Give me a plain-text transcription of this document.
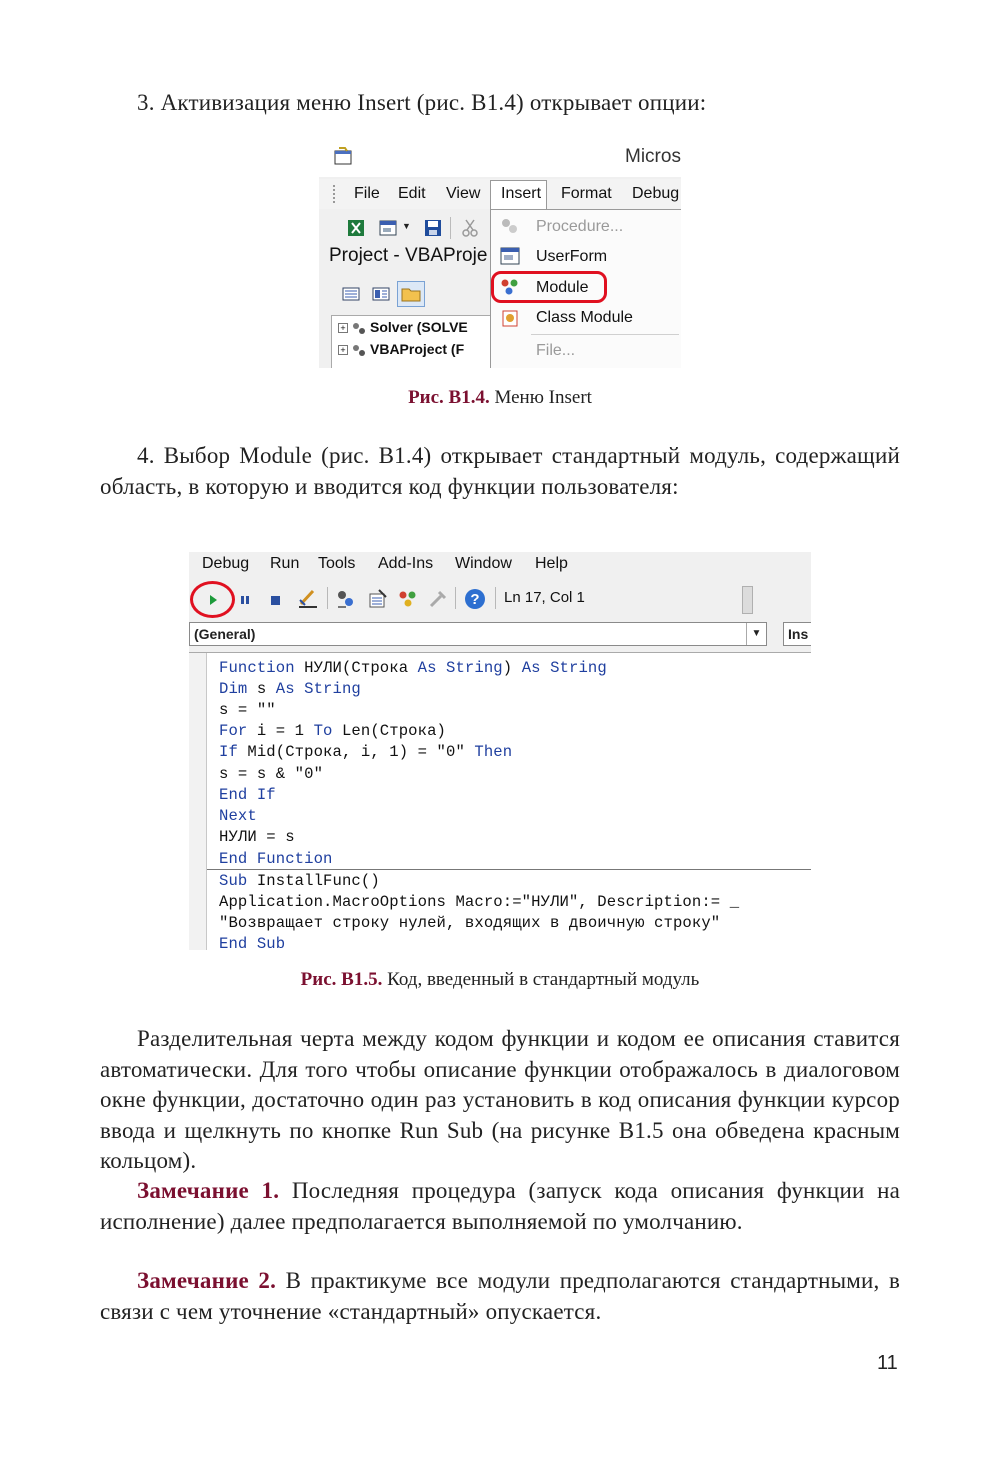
3. Активизация меню Insert (рис. В1.4) открывает опции:
Micros
File Edit View Insert Format Debug
▼
Project - VBAProje
+ Solver (SOLVE
+ VBAProject (F
Procedure...
UserForm
Module
Class Module
File...
Рис. В1.4. Меню Insert
4. Выбор Module (рис. В1.4) открывает стандартный модуль, содержащий область, в которую и вводится код функции пользователя:
Debug Run Tools Add-Ins Window Help
? Ln 17, Col 1
(General)	▼	Ins
Function НУЛИ(Строка As String) As String
Dim s As String
s = ""
For i = 1 To Len(Строка)
If Mid(Строка, i, 1) = "0" Then
s = s & "0"
End If
Next
НУЛИ = s
End Function
Sub InstallFunc()
Application.MacroOptions Macro:="НУЛИ", Description:= _
"Возвращает строку нулей, входящих в двоичную строку"
End Sub
Рис. В1.5. Код, введенный в стандартный модуль
Разделительная черта между кодом функции и кодом ее описания ставится автоматически. Для того чтобы описание функции отображалось в диалоговом окне функции, достаточно один раз установить в код описания функции курсор ввода и щелкнуть по кнопке Run Sub (на рисунке В1.5 она обведена красным кольцом).
Замечание 1. Последняя процедура (запуск кода описания функции на исполнение) далее предполагается выполняемой по умолчанию.
Замечание 2. В практикуме все модули предполагаются стандартными, в связи с чем уточнение «стандартный» опускается.
11
